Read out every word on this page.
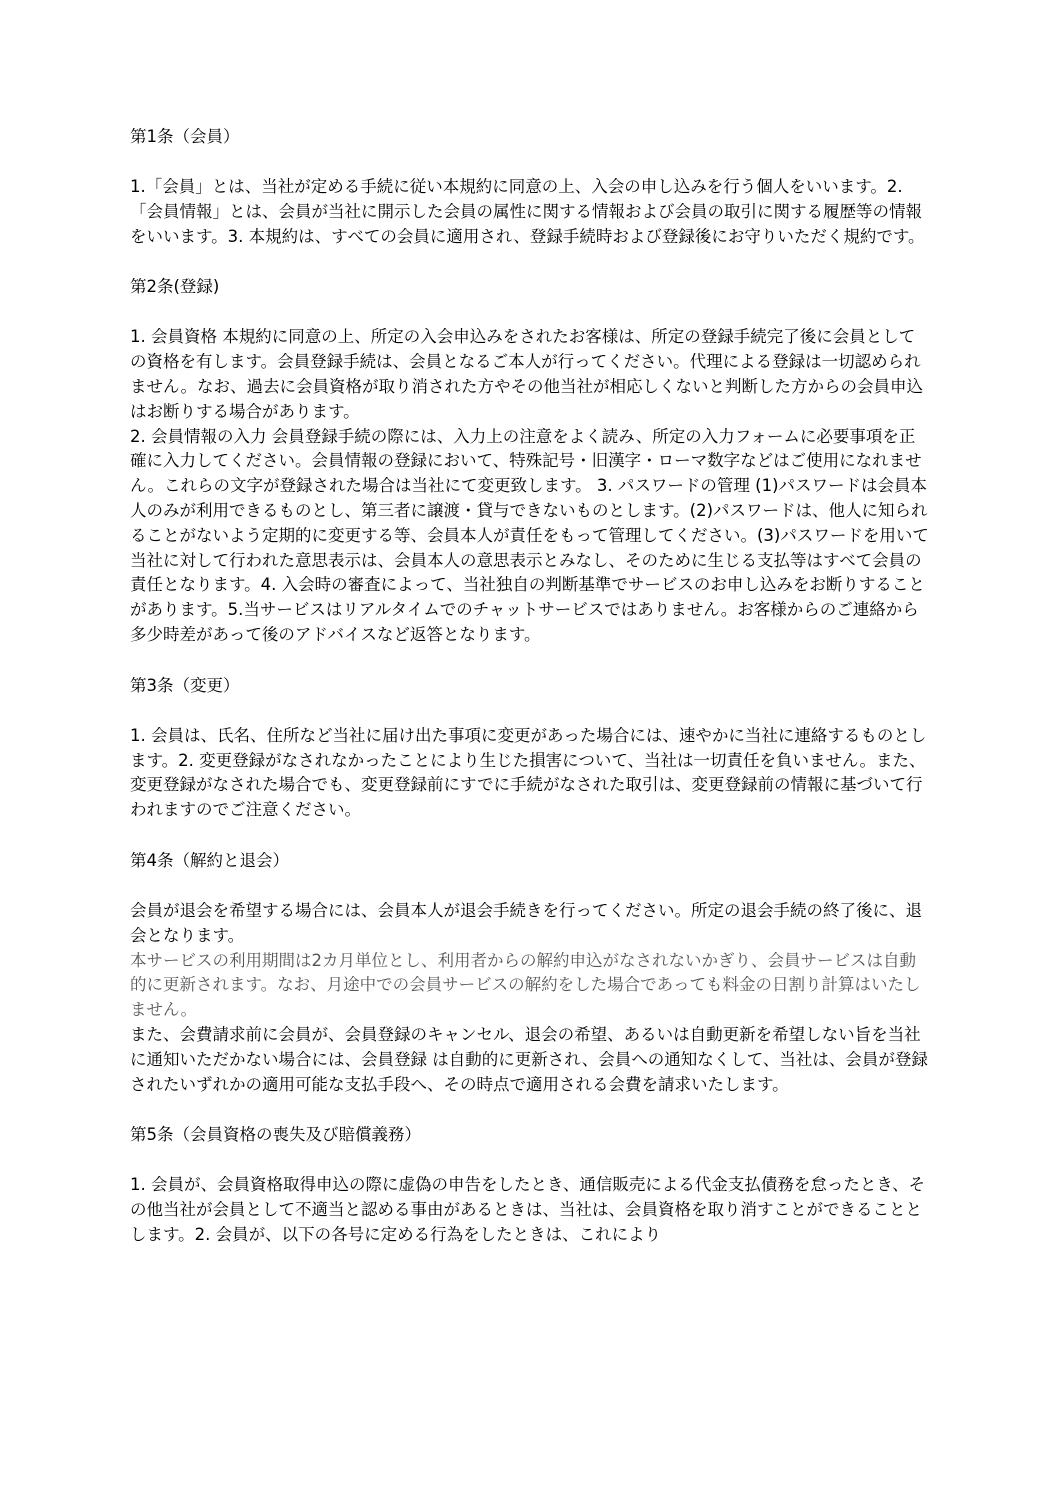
第1条（会員）

1.「会員」とは、当社が定める手続に従い本規約に同意の上、入会の申し込みを行う個人をいいます。2.「会員情報」とは、会員が当社に開示した会員の属性に関する情報および会員の取引に関する履歴等の情報をいいます。3. 本規約は、すべての会員に適用され、登録手続時および登録後にお守りいただく規約です。

第2条(登録)

1. 会員資格 本規約に同意の上、所定の入会申込みをされたお客様は、所定の登録手続完了後に会員としての資格を有します。会員登録手続は、会員となるご本人が行ってください。代理による登録は一切認められません。なお、過去に会員資格が取り消された方やその他当社が相応しくないと判断した方からの会員申込はお断りする場合があります。

2. 会員情報の入力 会員登録手続の際には、入力上の注意をよく読み、所定の入力フォームに必要事項を正確に入力してください。会員情報の登録において、特殊記号・旧漢字・ローマ数字などはご使用になれません。これらの文字が登録された場合は当社にて変更致します。 3. パスワードの管理 (1)パスワードは会員本人のみが利用できるものとし、第三者に譲渡・貸与できないものとします。(2)パスワードは、他人に知られることがないよう定期的に変更する等、会員本人が責任をもって管理してください。(3)パスワードを用いて当社に対して行われた意思表示は、会員本人の意思表示とみなし、そのために生じる支払等はすべて会員の責任となります。4. 入会時の審査によって、当社独自の判断基準でサービスのお申し込みをお断りすることがあります。5.当サービスはリアルタイムでのチャットサービスではありません。お客様からのご連絡から多少時差があって後のアドバイスなど返答となります。

第3条（変更）

1. 会員は、氏名、住所など当社に届け出た事項に変更があった場合には、速やかに当社に連絡するものとします。2. 変更登録がなされなかったことにより生じた損害について、当社は一切責任を負いません。また、変更登録がなされた場合でも、変更登録前にすでに手続がなされた取引は、変更登録前の情報に基づいて行われますのでご注意ください。

第4条（解約と退会）

会員が退会を希望する場合には、会員本人が退会手続きを行ってください。所定の退会手続の終了後に、退会となります。

本サービスの利用期間は2カ月単位とし、利用者からの解約申込がなされないかぎり、会員サービスは自動的に更新されます。なお、月途中での会員サービスの解約をした場合であっても料金の日割り計算はいたしません。

また、会費請求前に会員が、会員登録のキャンセル、退会の希望、あるいは自動更新を希望しない旨を当社に通知いただかない場合には、会員登録 は自動的に更新され、会員への通知なくして、当社は、会員が登録されたいずれかの適用可能な支払手段へ、その時点で適用される会費を請求いたします。

第5条（会員資格の喪失及び賠償義務）

1. 会員が、会員資格取得申込の際に虚偽の申告をしたとき、通信販売による代金支払債務を怠ったとき、その他当社が会員として不適当と認める事由があるときは、当社は、会員資格を取り消すことができることとします。2. 会員が、以下の各号に定める行為をしたときは、これにより
